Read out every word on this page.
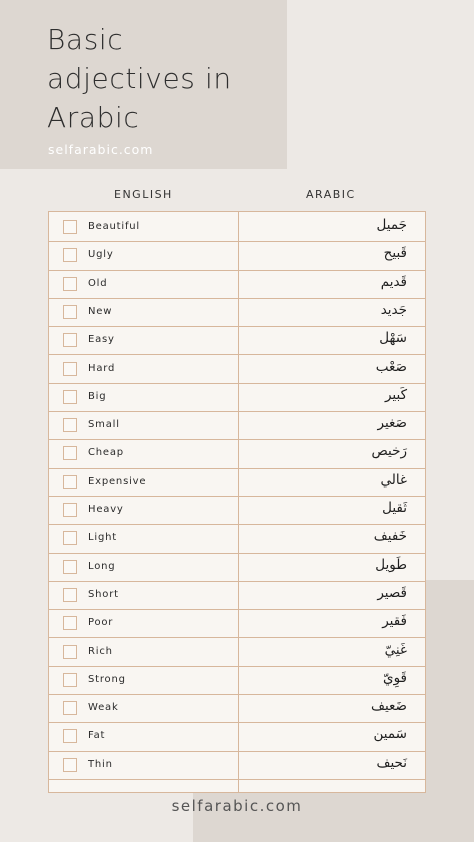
Basic
adjectives in
Arabic
selfarabic.com
ENGLISH	ARABIC
Beautiful	جَميل
Ugly	قَبيح
Old	قَديم
New	جَديد
Easy	سَهْل
Hard	صَعْب
Big	كَبير
Small	صَغير
Cheap	رَخيص
Expensive	غالي
Heavy	ثَقيل
Light	خَفيف
Long	طَويل
Short	قَصير
Poor	فَقير
Rich	غَنِيّ
Strong	قَوِيّ
Weak	ضَعيف
Fat	سَمين
Thin	نَحيف
selfarabic.com
